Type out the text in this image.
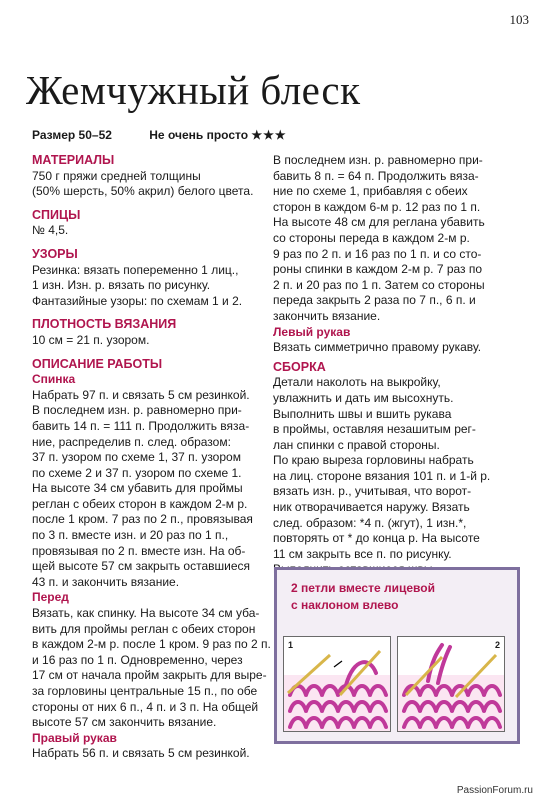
103
Жемчужный блеск
Размер 50–52	Не очень просто ★★★
МАТЕРИАЛЫ
750 г пряжи средней толщины
(50% шерсть, 50% акрил) белого цвета.
СПИЦЫ
№ 4,5.
УЗОРЫ
Резинка: вязать попеременно 1 лиц.,
1 изн. Изн. р. вязать по рисунку.
Фантазийные узоры: по схемам 1 и 2.
ПЛОТНОСТЬ ВЯЗАНИЯ
10 см = 21 п. узором.
ОПИСАНИЕ РАБОТЫ
Спинка
Набрать 97 п. и связать 5 см резинкой.
В последнем изн. р. равномерно при-
бавить 14 п. = 111 п. Продолжить вяза-
ние, распределив п. след. образом:
37 п. узором по схеме 1, 37 п. узором
по схеме 2 и 37 п. узором по схеме 1.
На высоте 34 см убавить для проймы
реглан с обеих сторон в каждом 2-м р.
после 1 кром. 7 раз по 2 п., провязывая
по 3 п. вместе изн. и 20 раз по 1 п.,
провязывая по 2 п. вместе изн. На об-
щей высоте 57 см закрыть оставшиеся
43 п. и закончить вязание.
Перед
Вязать, как спинку. На высоте 34 см уба-
вить для проймы реглан с обеих сторон
в каждом 2-м р. после 1 кром. 9 раз по 2 п.
и 16 раз по 1 п. Одновременно, через
17 см от начала пройм закрыть для выре-
за горловины центральные 15 п., по обе
стороны от них 6 п., 4 п. и 3 п. На общей
высоте 57 см закончить вязание.
Правый рукав
Набрать 56 п. и связать 5 см резинкой.
В последнем изн. р. равномерно при-
бавить 8 п. = 64 п. Продолжить вяза-
ние по схеме 1, прибавляя с обеих
сторон в каждом 6-м р. 12 раз по 1 п.
На высоте 48 см для реглана убавить
со стороны переда в каждом 2-м р.
9 раз по 2 п. и 16 раз по 1 п. и со сто-
роны спинки в каждом 2-м р. 7 раз по
2 п. и 20 раз по 1 п. Затем со стороны
переда закрыть 2 раза по 7 п., 6 п. и
закончить вязание.
Левый рукав
Вязать симметрично правому рукаву.
СБОРКА
Детали наколоть на выкройку,
увлажнить и дать им высохнуть.
Выполнить швы и вшить рукава
в проймы, оставляя незашитым рег-
лан спинки с правой стороны.
По краю выреза горловины набрать
на лиц. стороне вязания 101 п. и 1-й р.
вязать изн. р., учитывая, что ворот-
ник отворачивается наружу. Вязать
след. образом: *4 п. (жгут), 1 изн.*,
повторять от * до конца р. На высоте
11 см закрыть все п. по рисунку.
2 петли вместе лицевой
с наклоном влево
1	2
PassionForum.ru
